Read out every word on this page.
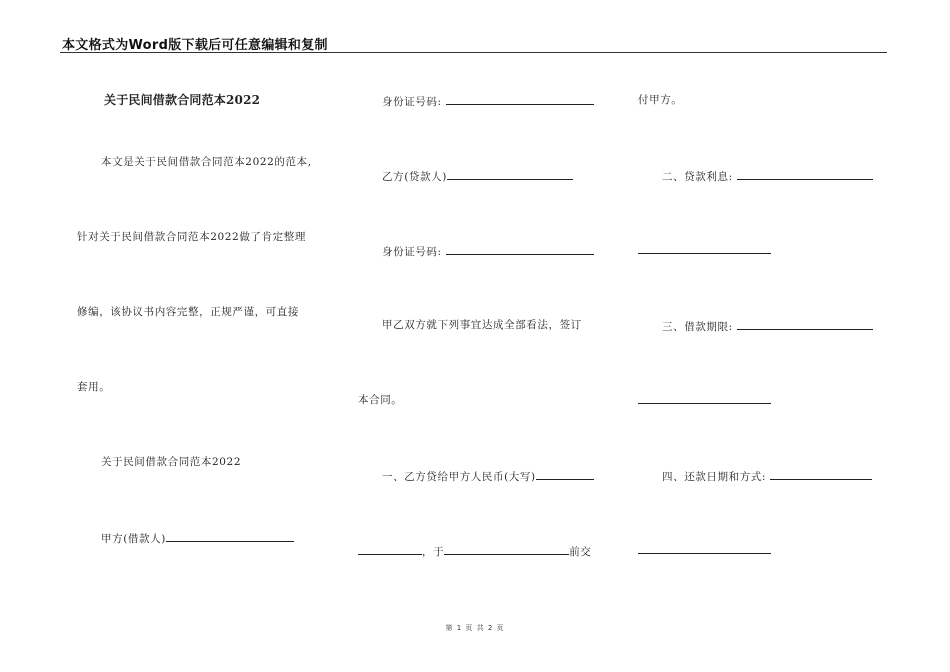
本文格式为Word版下载后可任意编辑和复制
关于民间借款合同范本2022
本文是关于民间借款合同范本2022的范本,
针对关于民间借款合同范本2022做了肯定整理
修编，该协议书内容完整，正规严谨，可直接
套用。
关于民间借款合同范本2022
甲方(借款人)
身份证号码:
乙方(贷款人)
身份证号码:
甲乙双方就下列事宜达成全部看法，签订
本合同。
一、乙方贷给甲方人民币(大写)
，于	前交
付甲方。
二、贷款利息:
三、借款期限:
四、还款日期和方式:
第 1 页 共 2 页
